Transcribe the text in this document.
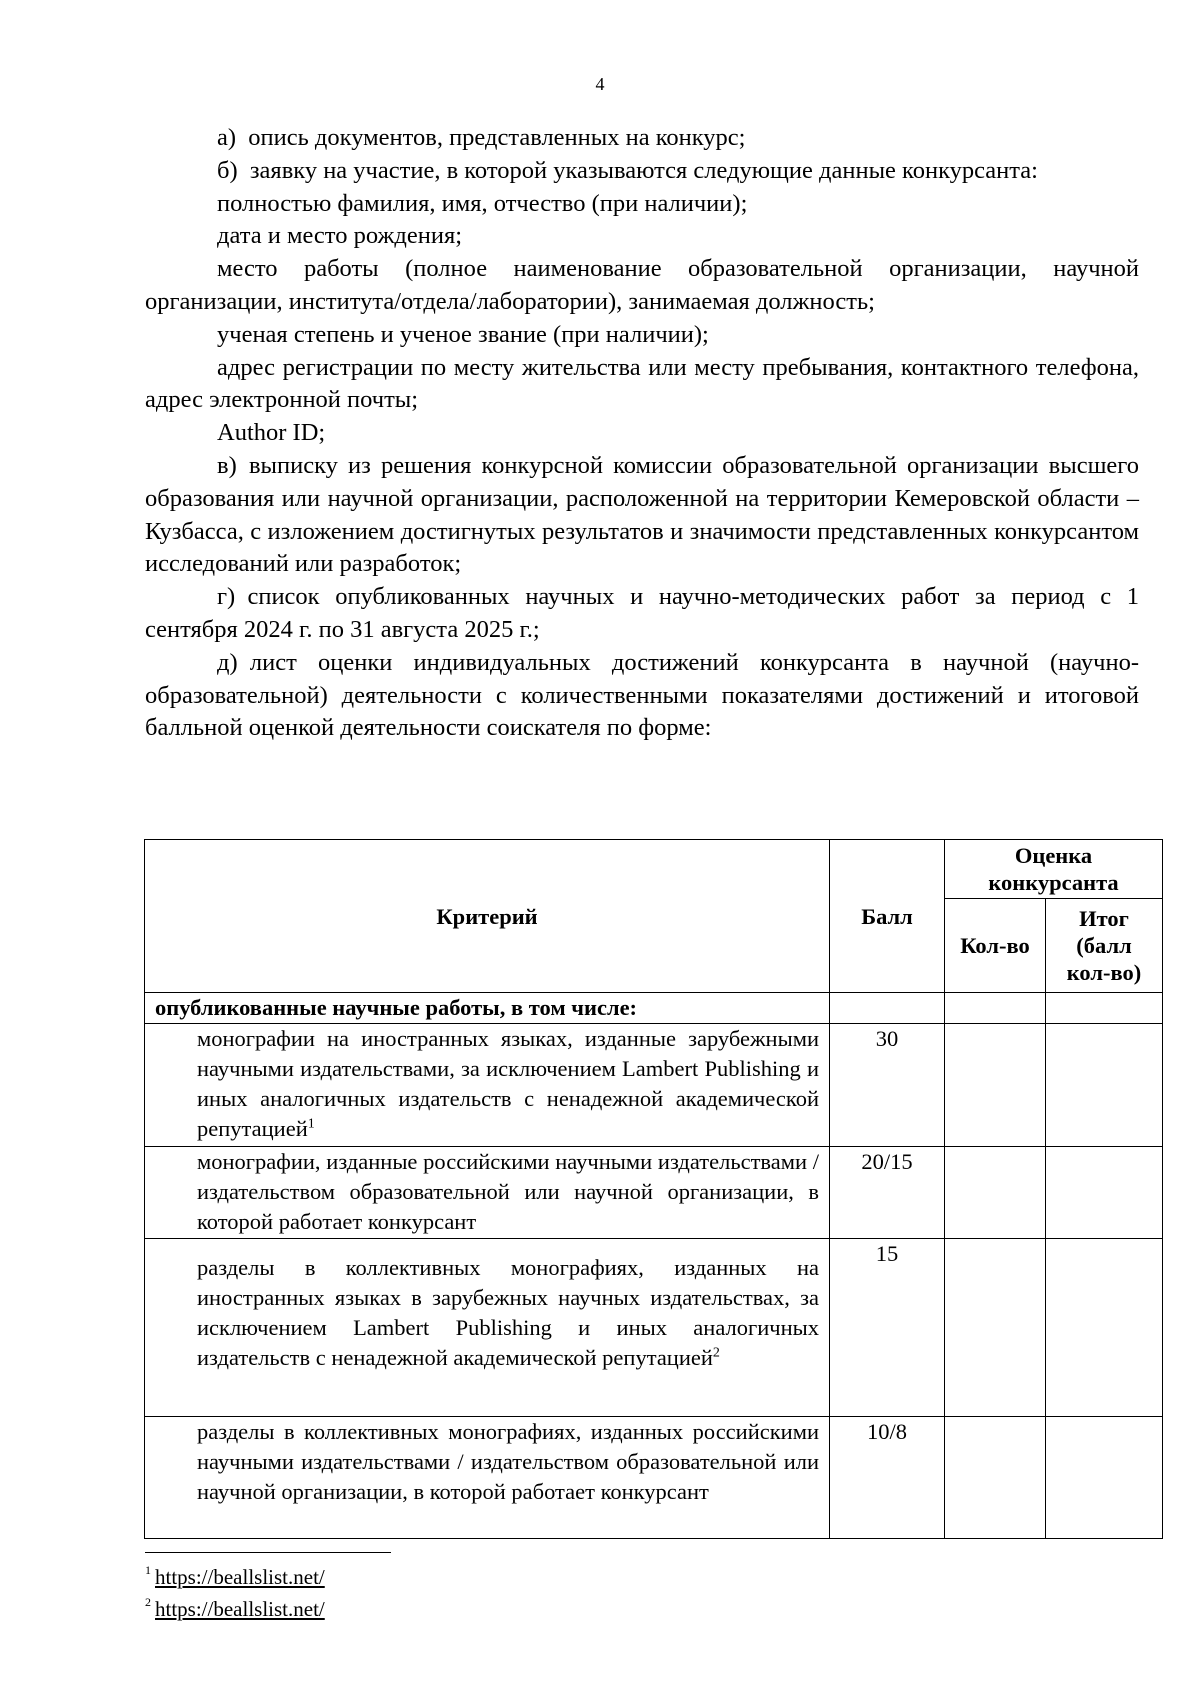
4

а) опись документов, представленных на конкурс;

б) заявку на участие, в которой указываются следующие данные конкурсанта:

полностью фамилия, имя, отчество (при наличии);

дата и место рождения;

место работы (полное наименование образовательной организации, научной организации, института/отдела/лаборатории), занимаемая должность;

ученая степень и ученое звание (при наличии);

адрес регистрации по месту жительства или месту пребывания, контактного телефона, адрес электронной почты;

Author ID;

в) выписку из решения конкурсной комиссии образовательной организации высшего образования или научной организации, расположенной на территории Кемеровской области – Кузбасса, с изложением достигнутых результатов и значимости представленных конкурсантом исследований или разработок;

г) список опубликованных научных и научно-методических работ за период с 1 сентября 2024 г. по 31 августа 2025 г.;

д) лист оценки индивидуальных достижений конкурсанта в научной (научно-образовательной) деятельности с количественными показателями достижений и итоговой балльной оценкой деятельности соискателя по форме:

Критерий	Балл	Оценка конкурсанта	
		Кол-во	Итог (балл кол-во)
опубликованные научные работы, в том числе:			
монографии на иностранных языках, изданные зарубежными научными издательствами, за исключением Lambert Publishing и иных аналогичных издательств с ненадежной академической репутацией$^1$	30		
монографии, изданные российскими научными издательствами / издательством образовательной или научной организации, в которой работает конкурсант	20/15		
разделы в коллективных монографиях, изданных на иностранных языках в зарубежных научных издательствах, за исключением Lambert Publishing и иных аналогичных издательств с ненадежной академической репутацией$^2$	15		
разделы в коллективных монографиях, изданных российскими научными издательствами / издательством образовательной или научной организации, в которой работает конкурсант	10/8		
$^1$ https://beallslist.net/
$^2$ https://beallslist.net/
